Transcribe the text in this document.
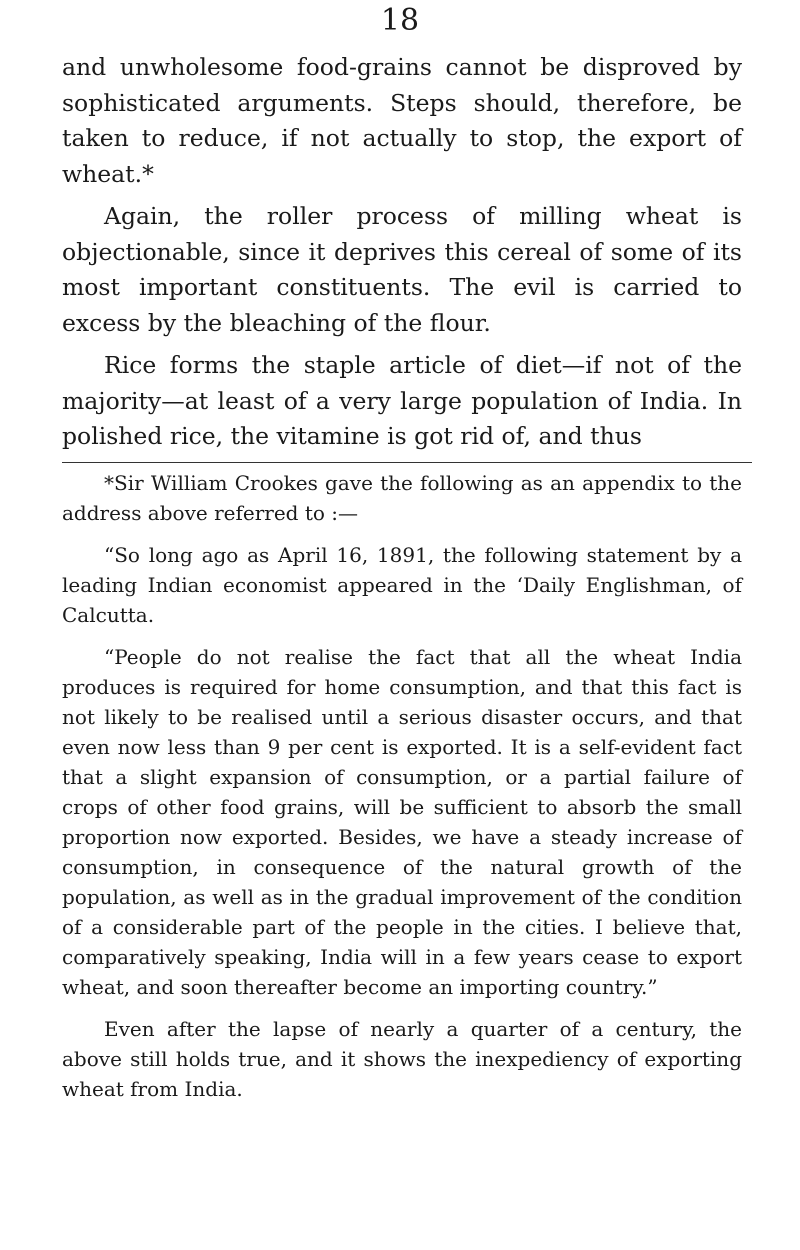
18

and unwholesome food-grains cannot be disproved by sophisticated arguments. Steps should, therefore, be taken to reduce, if not actually to stop, the export of wheat.*

Again, the roller process of milling wheat is objectionable, since it deprives this cereal of some of its most important constituents. The evil is carried to excess by the bleaching of the flour.

Rice forms the staple article of diet—if not of the majority—at least of a very large population of India. In polished rice, the vitamine is got rid of, and thus

*Sir William Crookes gave the following as an appendix to the address above referred to :—

“So long ago as April 16, 1891, the following statement by a leading Indian economist appeared in the ‘Daily Englishman, of Calcutta.

“People do not realise the fact that all the wheat India produces is required for home consumption, and that this fact is not likely to be realised until a serious disaster occurs, and that even now less than 9 per cent is exported. It is a self-evident fact that a slight expansion of consumption, or a partial failure of crops of other food grains, will be sufficient to absorb the small proportion now exported. Besides, we have a steady increase of consumption, in consequence of the natural growth of the population, as well as in the gradual improvement of the condition of a considerable part of the people in the cities. I believe that, comparatively speaking, India will in a few years cease to export wheat, and soon thereafter become an importing country.”

Even after the lapse of nearly a quarter of a century, the above still holds true, and it shows the inexpediency of exporting wheat from India.
